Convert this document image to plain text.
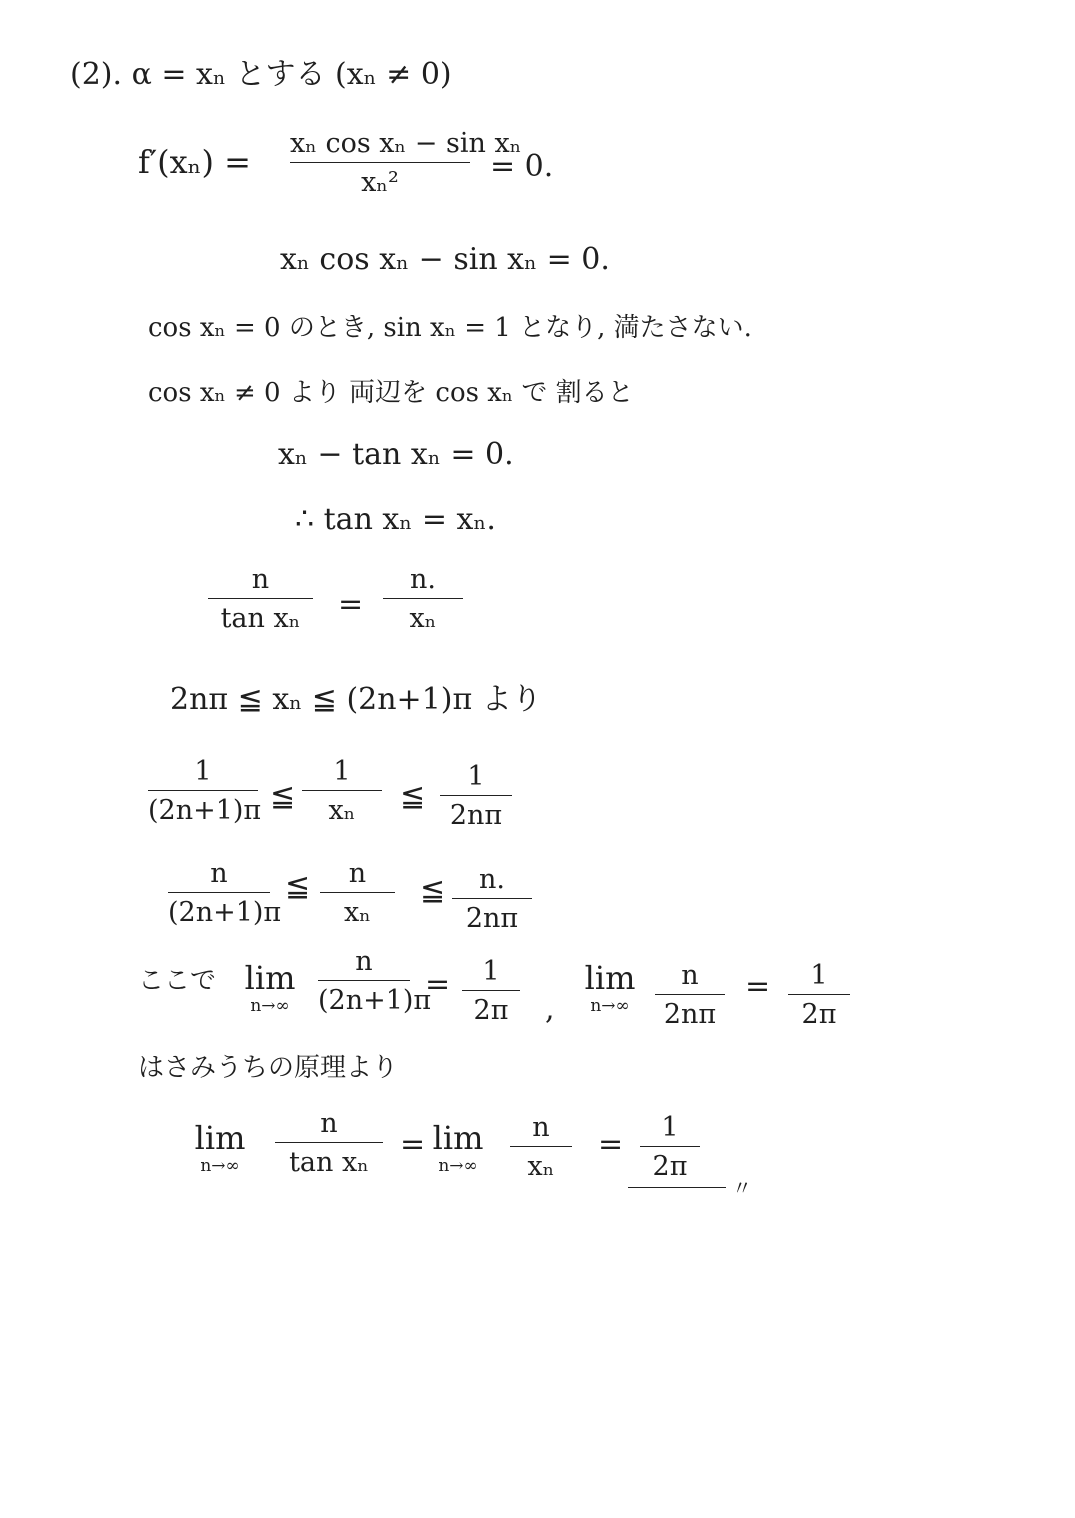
(2). α = xₙ とする (xₙ ≠ 0)
f′(xₙ) = xₙ cos xₙ − sin xₙ
xₙ²	= 0.
xₙ cos xₙ − sin xₙ = 0.
cos xₙ = 0 のとき, sin xₙ = 1 となり, 満たさない.
cos xₙ ≠ 0 より 両辺を cos xₙ で 割ると
xₙ − tan xₙ = 0.
∴ tan xₙ = xₙ.
n
tan xₙ	=
n.
xₙ
2nπ ≦ xₙ ≦ (2n+1)π より
1
(2n+1)π ≦
1
xₙ	≦
1
2nπ
n
(2n+1)π
≦	n
xₙ
≦	n.
2nπ
ここで lim
n→∞
n
(2n+1)π
=	1
2π	,
lim
n→∞
n
2nπ
=	1
2π
はさみうちの原理より
lim
n→∞
n
tan xₙ
= lim
n→∞
n
xₙ
=	1
2π
〃
